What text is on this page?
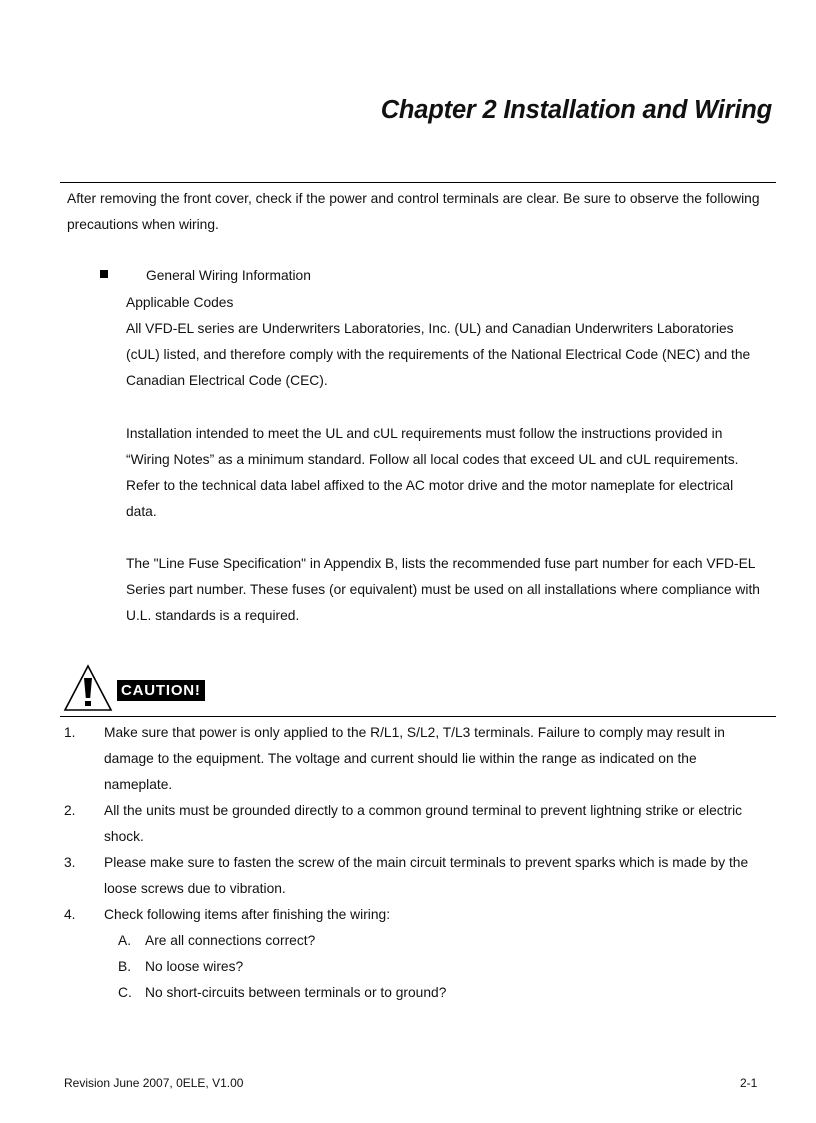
Chapter 2 Installation and Wiring

After removing the front cover, check if the power and control terminals are clear. Be sure to observe the following precautions when wiring.

General Wiring Information

Applicable Codes

All VFD-EL series are Underwriters Laboratories, Inc. (UL) and Canadian Underwriters Laboratories (cUL) listed, and therefore comply with the requirements of the National Electrical Code (NEC) and the Canadian Electrical Code (CEC).

Installation intended to meet the UL and cUL requirements must follow the instructions provided in “Wiring Notes” as a minimum standard. Follow all local codes that exceed UL and cUL requirements. Refer to the technical data label affixed to the AC motor drive and the motor nameplate for electrical data.

The "Line Fuse Specification" in Appendix B, lists the recommended fuse part number for each VFD-EL Series part number. These fuses (or equivalent) must be used on all installations where compliance with U.L. standards is a required.

CAUTION!
1. Make sure that power is only applied to the R/L1, S/L2, T/L3 terminals. Failure to comply may result in damage to the equipment. The voltage and current should lie within the range as indicated on the nameplate.
2. All the units must be grounded directly to a common ground terminal to prevent lightning strike or electric shock.
3. Please make sure to fasten the screw of the main circuit terminals to prevent sparks which is made by the loose screws due to vibration.
4. Check following items after finishing the wiring:
A. Are all connections correct?
B. No loose wires?
C. No short-circuits between terminals or to ground?
Revision June 2007, 0ELE, V1.00	2-1
